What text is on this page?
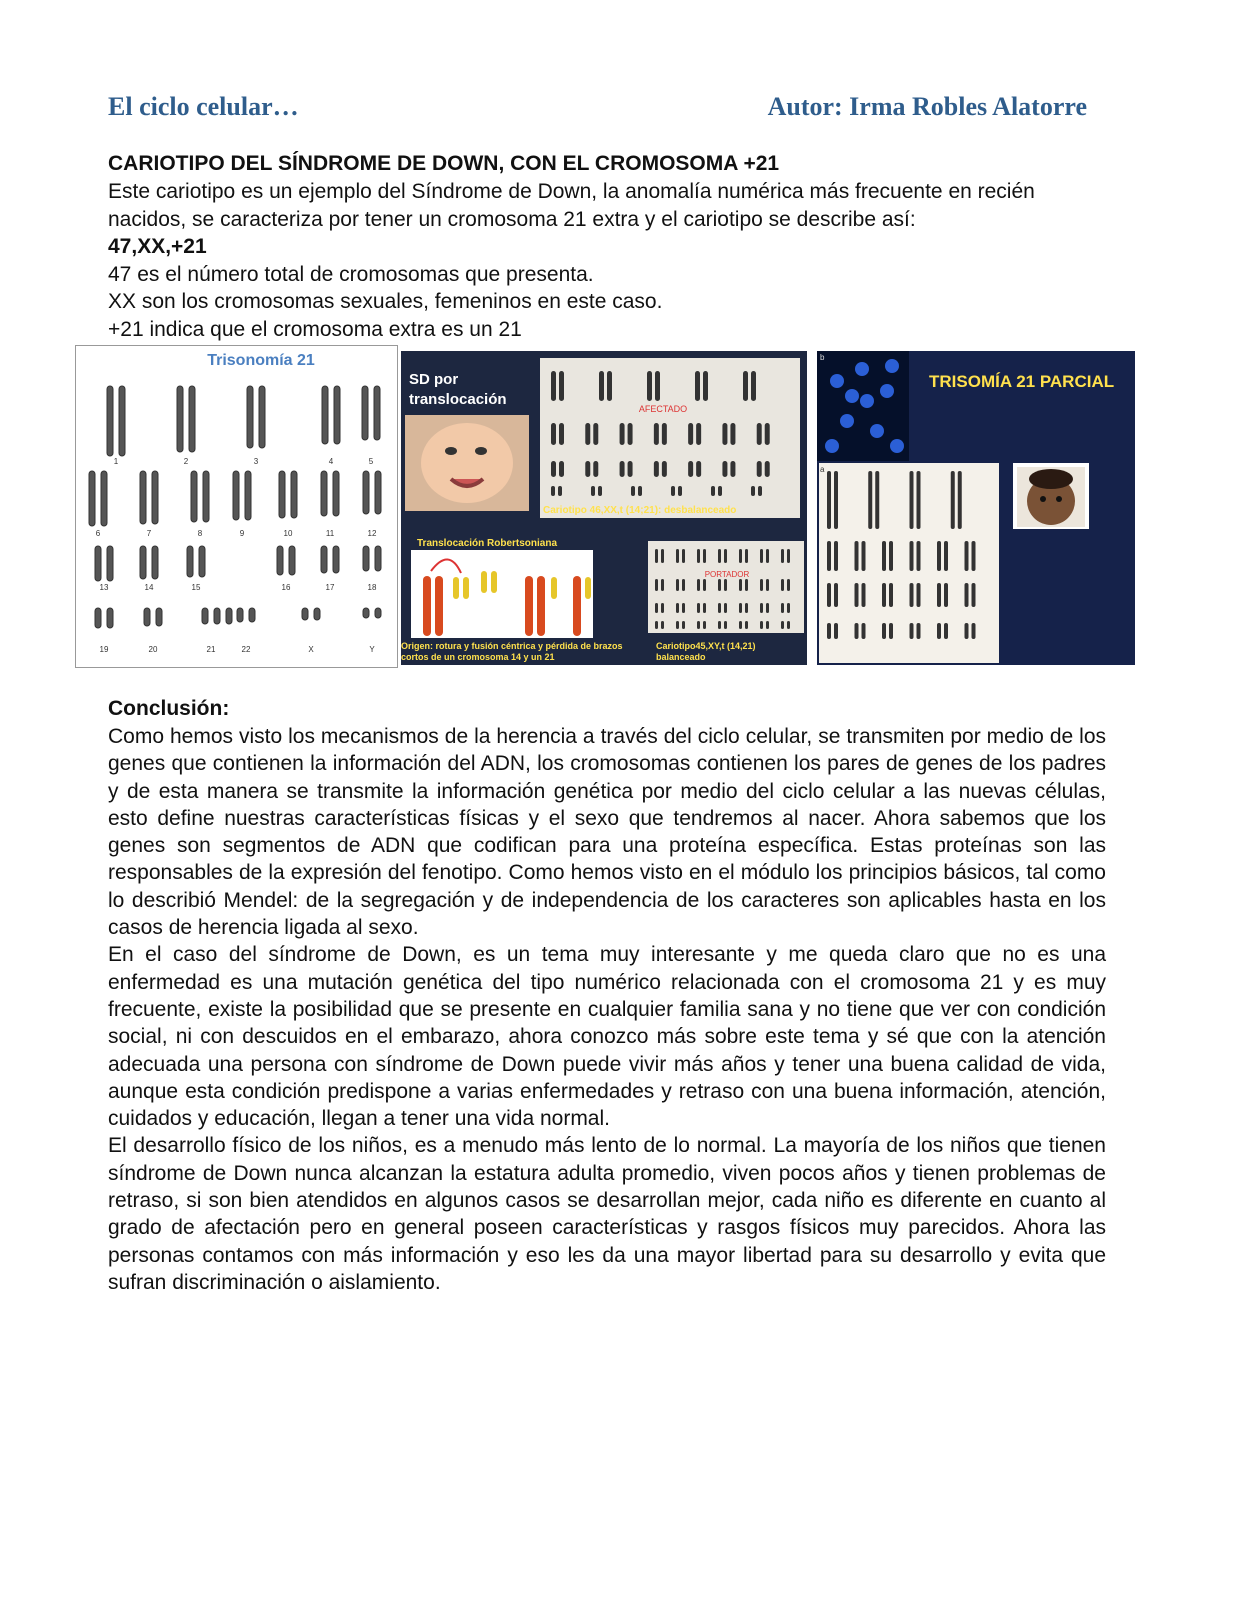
El ciclo celular…	Autor: Irma Robles Alatorre
CARIOTIPO DEL SÍNDROME DE DOWN, CON EL CROMOSOMA +21

Este cariotipo es un ejemplo del Síndrome de Down, la anomalía numérica más frecuente en recién nacidos, se caracteriza por tener un cromosoma 21 extra y el cariotipo se describe así:

47,XX,+21

47 es el número total de cromosomas que presenta.

XX son los cromosomas sexuales, femeninos en este caso.

+21 indica que el cromosoma extra es un 21

Trisonomía 21
1	2	3	4	5
6	7	8	9	10	11	12
13	14	15	16	17	18
19	20	21	22	X	Y
SD por
translocación
AFECTADO
Cariotipo 46,XX,t (14;21): desbalanceado
Translocación Robertsoniana
Origen: rotura y fusión céntrica y pérdida de brazos
cortos de un cromosoma 14 y un 21
PORTADOR
Cariotipo45,XY,t (14,21)
balanceado
b
TRISOMÍA 21 PARCIAL
a
Conclusión:

Como hemos visto los mecanismos de la herencia a través del ciclo celular, se transmiten por medio de los genes que contienen la información del ADN, los cromosomas contienen los pares de genes de los padres y de esta manera se transmite la información genética por medio del ciclo celular a las nuevas células, esto define nuestras características físicas y el sexo que tendremos al nacer. Ahora sabemos que los genes son segmentos de ADN que codifican para una proteína específica. Estas proteínas son las responsables de la expresión del fenotipo. Como hemos visto en el módulo los principios básicos, tal como lo describió Mendel: de la segregación y de independencia de los caracteres son aplicables hasta en los casos de herencia ligada al sexo.

En el caso del síndrome de Down, es un tema muy interesante y me queda claro que no es una enfermedad es una mutación genética del tipo numérico relacionada con el cromosoma 21 y es muy frecuente, existe la posibilidad que se presente en cualquier familia sana y no tiene que ver con condición social, ni con descuidos en el embarazo, ahora conozco más sobre este tema y sé que con la atención adecuada una persona con síndrome de Down puede vivir más años y tener una buena calidad de vida, aunque esta condición predispone a varias enfermedades y retraso con una buena información, atención, cuidados y educación, llegan a tener una vida normal.

El desarrollo físico de los niños, es a menudo más lento de lo normal. La mayoría de los niños que tienen síndrome de Down nunca alcanzan la estatura adulta promedio, viven pocos años y tienen problemas de retraso, si son bien atendidos en algunos casos se desarrollan mejor, cada niño es diferente en cuanto al grado de afectación pero en general poseen características y rasgos físicos muy parecidos. Ahora las personas contamos con más información y eso les da una mayor libertad para su desarrollo y evita que sufran discriminación o aislamiento.
